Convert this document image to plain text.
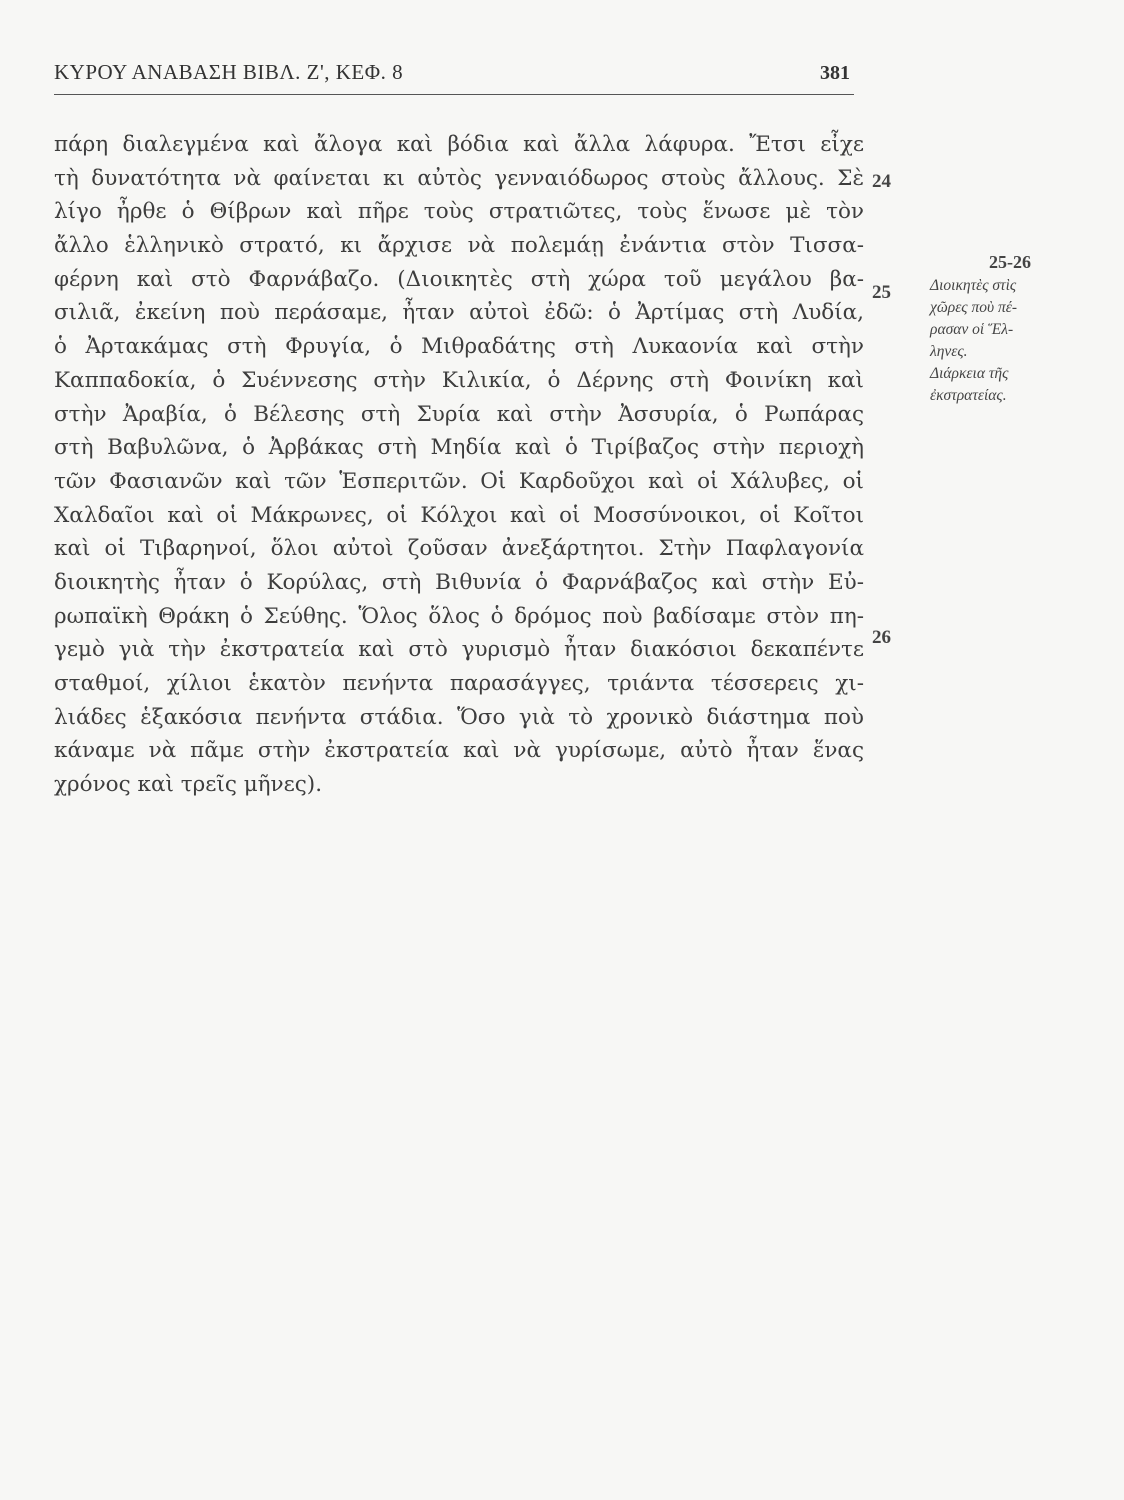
ΚΥΡΟΥ ΑΝΑΒΑΣΗ ΒΙΒΛ. Ζ', ΚΕΦ. 8	381
πάρη διαλεγμένα καὶ ἄλογα καὶ βόδια καὶ ἄλλα λάφυρα. Ἔτσι εἶχε
τὴ δυνατότητα νὰ φαίνεται κι αὐτὸς γενναιόδωρος στοὺς ἄλλους. Σὲ
λίγο ἦρθε ὁ Θίβρων καὶ πῆρε τοὺς στρατιῶτες, τοὺς ἕνωσε μὲ τὸν
ἄλλο ἑλληνικὸ στρατό, κι ἄρχισε νὰ πολεμάῃ ἐνάντια στὸν Τισσα-
φέρνη καὶ στὸ Φαρνάβαζο. (Διοικητὲς στὴ χώρα τοῦ μεγάλου βα-
σιλιᾶ, ἐκείνη ποὺ περάσαμε, ἦταν αὐτοὶ ἐδῶ: ὁ Ἀρτίμας στὴ Λυδία,
ὁ Ἀρτακάμας στὴ Φρυγία, ὁ Μιθραδάτης στὴ Λυκαονία καὶ στὴν
Καππαδοκία, ὁ Συέννεσης στὴν Κιλικία, ὁ Δέρνης στὴ Φοινίκη καὶ
στὴν Ἀραβία, ὁ Βέλεσης στὴ Συρία καὶ στὴν Ἀσσυρία, ὁ Ρωπάρας
στὴ Βαβυλῶνα, ὁ Ἀρβάκας στὴ Μηδία καὶ ὁ Τιρίβαζος στὴν περιοχὴ
τῶν Φασιανῶν καὶ τῶν Ἑσπεριτῶν. Οἱ Καρδοῦχοι καὶ οἱ Χάλυβες, οἱ
Χαλδαῖοι καὶ οἱ Μάκρωνες, οἱ Κόλχοι καὶ οἱ Μοσσύνοικοι, οἱ Κοῖτοι
καὶ οἱ Τιβαρηνοί, ὅλοι αὐτοὶ ζοῦσαν ἀνεξάρτητοι. Στὴν Παφλαγονία
διοικητὴς ἦταν ὁ Κορύλας, στὴ Βιθυνία ὁ Φαρνάβαζος καὶ στὴν Εὐ-
ρωπαϊκὴ Θράκη ὁ Σεύθης. Ὅλος ὅλος ὁ δρόμος ποὺ βαδίσαμε στὸν πη-
γεμὸ γιὰ τὴν ἐκστρατεία καὶ στὸ γυρισμὸ ἦταν διακόσιοι δεκαπέντε
σταθμοί, χίλιοι ἑκατὸν πενήντα παρασάγγες, τριάντα τέσσερεις χι-
λιάδες ἑξακόσια πενήντα στάδια. Ὅσο γιὰ τὸ χρονικὸ διάστημα ποὺ
κάναμε νὰ πᾶμε στὴν ἐκστρατεία καὶ νὰ γυρίσωμε, αὐτὸ ἦταν ἕνας
χρόνος καὶ τρεῖς μῆνες).
24
25
26
25-26
Διοικητὲς στὶς
χῶρες ποὺ πέ-
ρασαν οἱ Ἕλ-
ληνες.
Διάρκεια τῆς
ἐκστρατείας.
